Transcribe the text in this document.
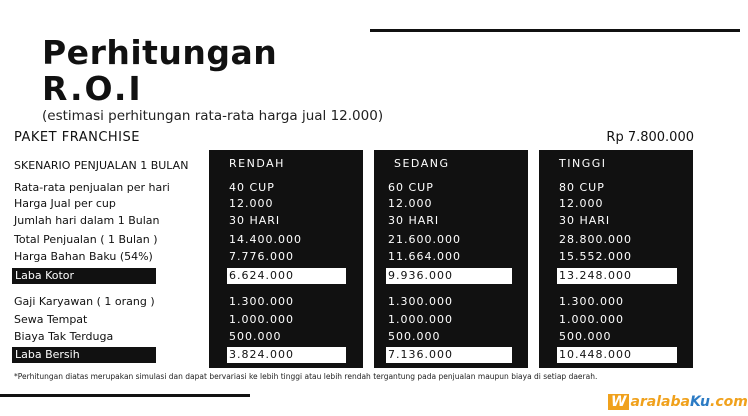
Perhitungan
R.O.I
(estimasi perhitungan rata-rata harga jual 12.000)
PAKET FRANCHISE	Rp 7.800.000
SKENARIO PENJUALAN 1 BULAN
Rata-rata penjualan per hari
Harga Jual per cup
Jumlah hari dalam 1 Bulan
Total Penjualan ( 1 Bulan )
Harga Bahan Baku (54%)
Laba Kotor
Gaji Karyawan ( 1 orang )
Sewa Tempat
Biaya Tak Terduga
Laba Bersih
RENDAH
40 CUP
12.000
30 HARI
14.400.000
7.776.000
6.624.000
1.300.000
1.000.000
500.000
3.824.000
SEDANG
60 CUP
12.000
30 HARI
21.600.000
11.664.000
9.936.000
1.300.000
1.000.000
500.000
7.136.000
TINGGI
80 CUP
12.000
30 HARI
28.800.000
15.552.000
13.248.000
1.300.000
1.000.000
500.000
10.448.000
*Perhitungan diatas merupakan simulasi dan dapat bervariasi ke lebih tinggi atau lebih rendah tergantung pada penjualan maupun biaya di setiap daerah.
W aralabaKu.com
